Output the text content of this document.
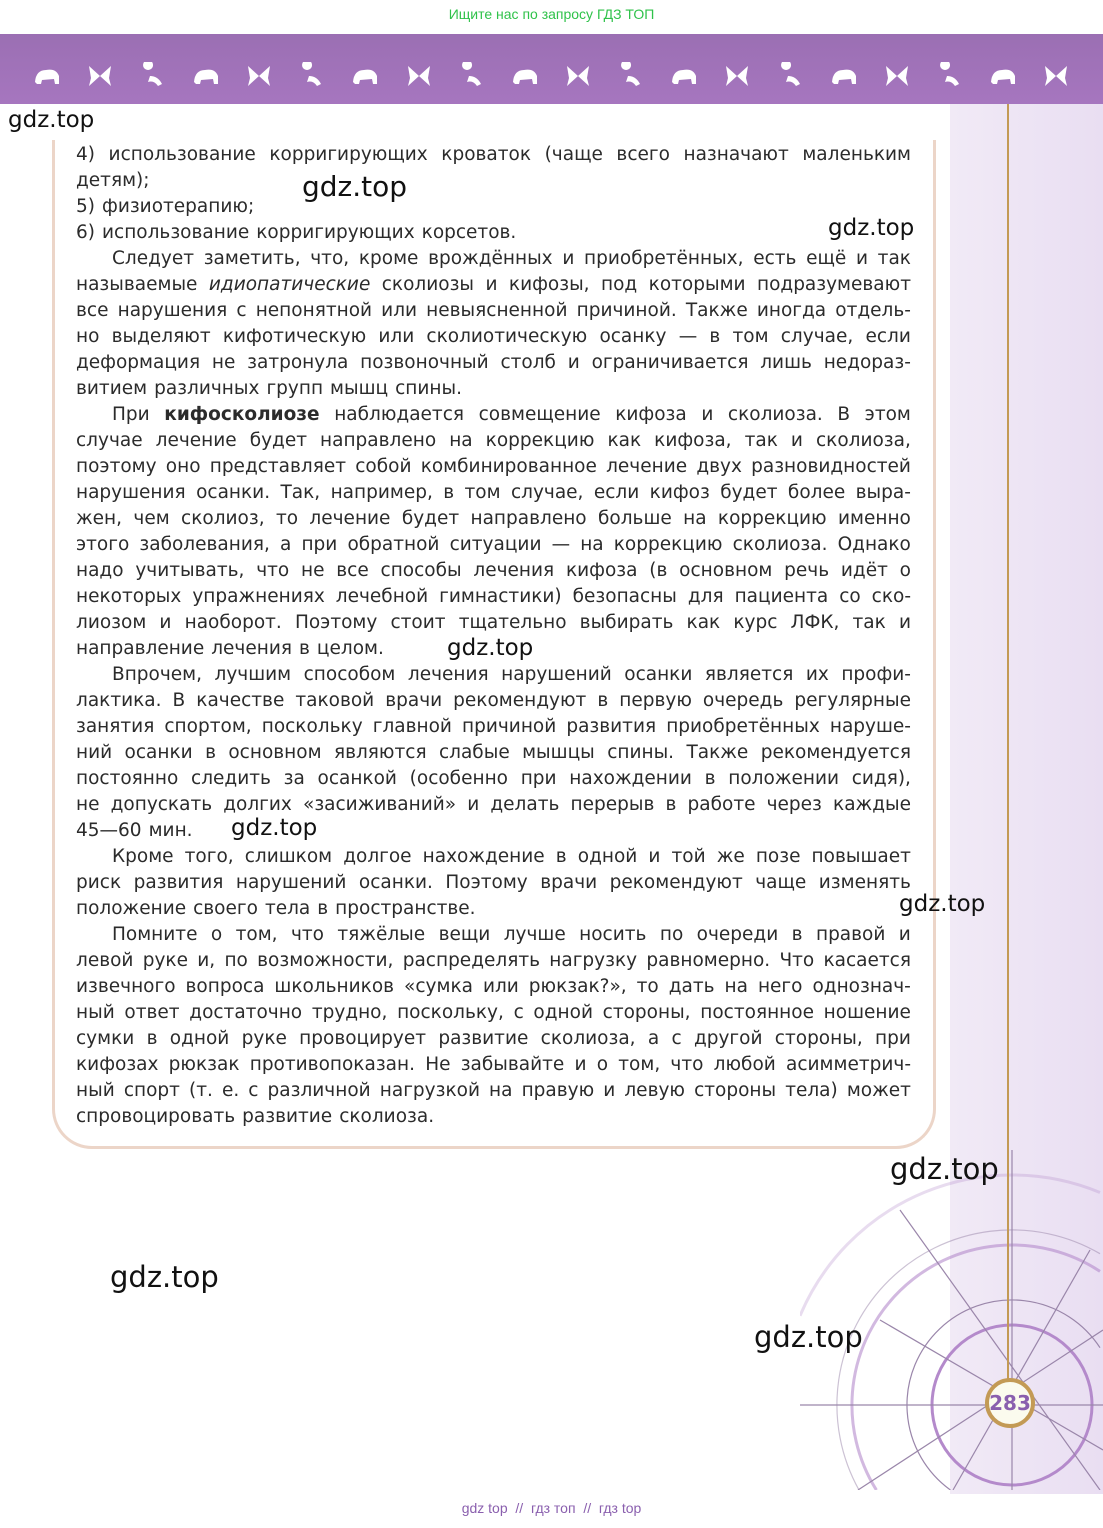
Ищите нас по запросу ГДЗ ТОП
4) использование корригирующих кроваток (чаще всего назначают маленьким
детям);
5) физиотерапию;
6) использование корригирующих корсетов.
Следует заметить, что, кроме врождённых и приобретённых, есть ещё и так
называемые идиопатические сколиозы и кифозы, под которыми подразумевают
все нарушения с непонятной или невыясненной причиной. Также иногда отдель-
но выделяют кифотическую или сколиотическую осанку — в том случае, если
деформация не затронула позвоночный столб и ограничивается лишь недораз-
витием различных групп мышц спины.
При кифосколиозе наблюдается совмещение кифоза и сколиоза. В этом
случае лечение будет направлено на коррекцию как кифоза, так и сколиоза,
поэтому оно представляет собой комбинированное лечение двух разновидностей
нарушения осанки. Так, например, в том случае, если кифоз будет более выра-
жен, чем сколиоз, то лечение будет направлено больше на коррекцию именно
этого заболевания, а при обратной ситуации — на коррекцию сколиоза. Однако
надо учитывать, что не все способы лечения кифоза (в основном речь идёт о
некоторых упражнениях лечебной гимнастики) безопасны для пациента со ско-
лиозом и наоборот. Поэтому стоит тщательно выбирать как курс ЛФК, так и
направление лечения в целом.
Впрочем, лучшим способом лечения нарушений осанки является их профи-
лактика. В качестве таковой врачи рекомендуют в первую очередь регулярные
занятия спортом, поскольку главной причиной развития приобретённых наруше-
ний осанки в основном являются слабые мышцы спины. Также рекомендуется
постоянно следить за осанкой (особенно при нахождении в положении сидя),
не допускать долгих «засиживаний» и делать перерыв в работе через каждые
45—60 мин.
Кроме того, слишком долгое нахождение в одной и той же позе повышает
риск развития нарушений осанки. Поэтому врачи рекомендуют чаще изменять
положение своего тела в пространстве.
Помните о том, что тяжёлые вещи лучше носить по очереди в правой и
левой руке и, по возможности, распределять нагрузку равномерно. Что касается
извечного вопроса школьников «сумка или рюкзак?», то дать на него однознач-
ный ответ достаточно трудно, поскольку, с одной стороны, постоянное ношение
сумки в одной руке провоцирует развитие сколиоза, а с другой стороны, при
кифозах рюкзак противопоказан. Не забывайте и о том, что любой асимметрич-
ный спорт (т. е. с различной нагрузкой на правую и левую стороны тела) может
спровоцировать развитие сколиоза.
gdz.top
gdz.top
gdz.top
gdz.top
gdz.top
gdz.top
gdz.top
gdz.top
gdz.top
283
gdz top  //  гдз топ  //  гдз top
